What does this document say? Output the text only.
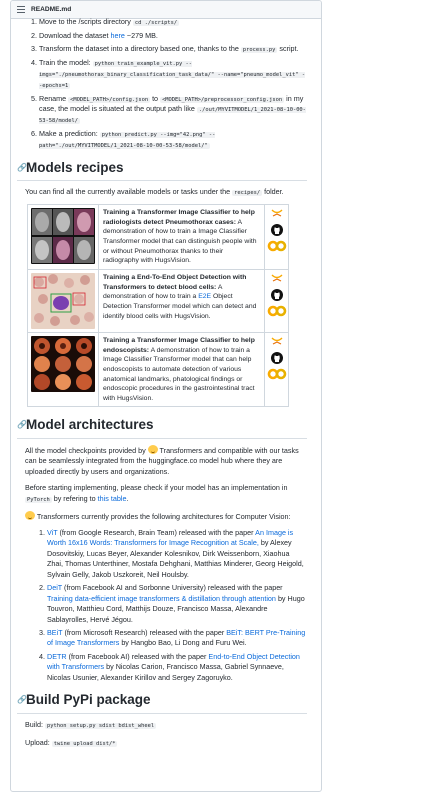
README.md
1. Move to the /scripts directory cd ./scripts/
2. Download the dataset here ~279 MB.
3. Transform the dataset into a directory based one, thanks to the process.py script.
4. Train the model: python train_example_vit.py --imgs="./pneumothorax_binary_classification_task_data/" --name="pneumo_model_vit" --epochs=1
5. Rename <MODEL_PATH>/config.json to <MODEL_PATH>/preprocessor_config.json in my case, the model is situated at the output path like ./out/MYVITMODEL/1_2021-08-10-00-53-58/model/
6. Make a prediction: python predict.py --img="42.png" --path="./out/MYVITMODEL/1_2021-08-10-00-53-58/model/"
🔗 Models recipes

You can find all the currently available models or tasks under the recipes/ folder.

	Training a Transformer Image Classifier to help radiologists detect Pneumothorax cases: A demonstration of how to train a Image Classifier Transformer model that can distinguish people with or without Pneumothorax thanks to their radiography with HugsVision.	

	Training a End-To-End Object Detection with Transformers to detect blood cells: A demonstration of how to train a E2E Object Detection Transformer model which can detect and identify blood cells with HugsVision.	

	Training a Transformer Image Classifier to help endoscopists: A demonstration of how to train a Image Classifier Transformer model that can help endoscopists to automate detection of various anatomical landmarks, phatological findings or endoscopic procedures in the gastrointestinal tract with HugsVision.	
🔗 Model architectures

All the model checkpoints provided by Transformers and compatible with our tasks can be seamlessly integrated from the huggingface.co model hub where they are uploaded directly by users and organizations.

Before starting implementing, please check if your model has an implementation in PyTorch by refering to this table.

Transformers currently provides the following architectures for Computer Vision:

1. ViT (from Google Research, Brain Team) released with the paper An Image is Worth 16x16 Words: Transformers for Image Recognition at Scale, by Alexey Dosovitskiy, Lucas Beyer, Alexander Kolesnikov, Dirk Weissenborn, Xiaohua Zhai, Thomas Unterthiner, Mostafa Dehghani, Matthias Minderer, Georg Heigold, Sylvain Gelly, Jakob Uszkoreit, Neil Houlsby.
2. DeiT (from Facebook AI and Sorbonne University) released with the paper Training data-efficient image transformers & distillation through attention by Hugo Touvron, Matthieu Cord, Matthijs Douze, Francisco Massa, Alexandre Sablayrolles, Hervé Jégou.
3. BEiT (from Microsoft Research) released with the paper BEiT: BERT Pre-Training of Image Transformers by Hangbo Bao, Li Dong and Furu Wei.
4. DETR (from Facebook AI) released with the paper End-to-End Object Detection with Transformers by Nicolas Carion, Francisco Massa, Gabriel Synnaeve, Nicolas Usunier, Alexander Kirillov and Sergey Zagoruyko.
🔗 Build PyPi package

Build: python setup.py sdist bdist_wheel

Upload: twine upload dist/*
